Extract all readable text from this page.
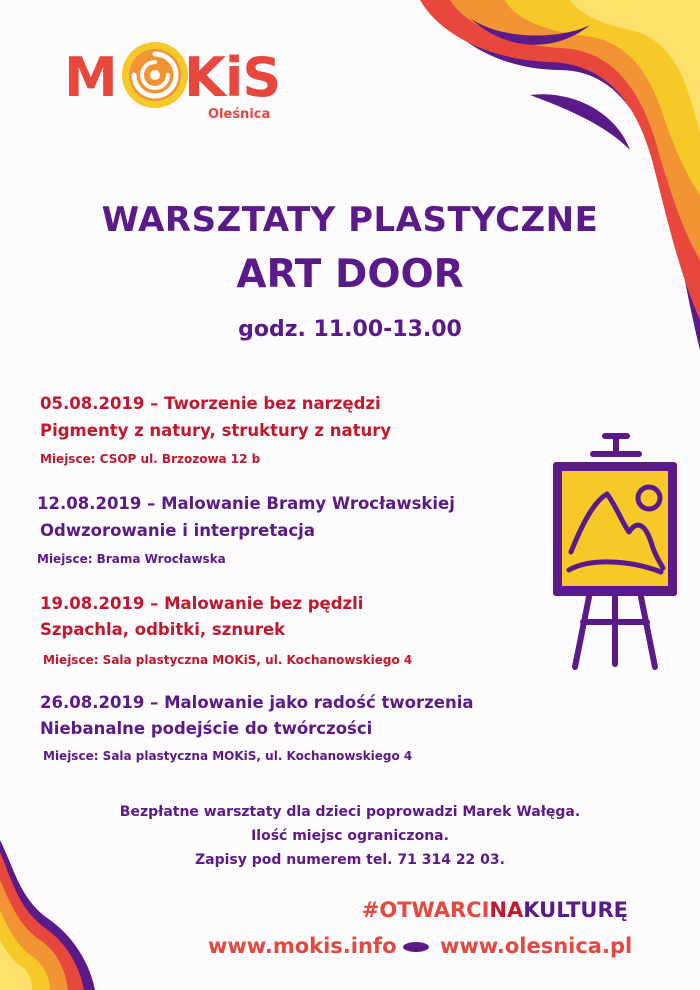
M KiS
Oleśnica
WARSZTATY PLASTYCZNE
ART DOOR
godz. 11.00-13.00
05.08.2019 – Tworzenie bez narzędzi
Pigmenty z natury, struktury z natury
Miejsce: CSOP ul. Brzozowa 12 b
12.08.2019 – Malowanie Bramy Wrocławskiej
Odwzorowanie i interpretacja
Miejsce: Brama Wrocławska
19.08.2019 – Malowanie bez pędzli
Szpachla, odbitki, sznurek
Miejsce: Sala plastyczna MOKiS, ul. Kochanowskiego 4
26.08.2019 – Malowanie jako radość tworzenia
Niebanalne podejście do twórczości
Miejsce: Sala plastyczna MOKiS, ul. Kochanowskiego 4
Bezpłatne warsztaty dla dzieci poprowadzi Marek Wałęga.
Ilość miejsc ograniczona.
Zapisy pod numerem tel. 71 314 22 03.
#OTWARCINAKULTURĘ
www.mokis.info www.olesnica.pl
